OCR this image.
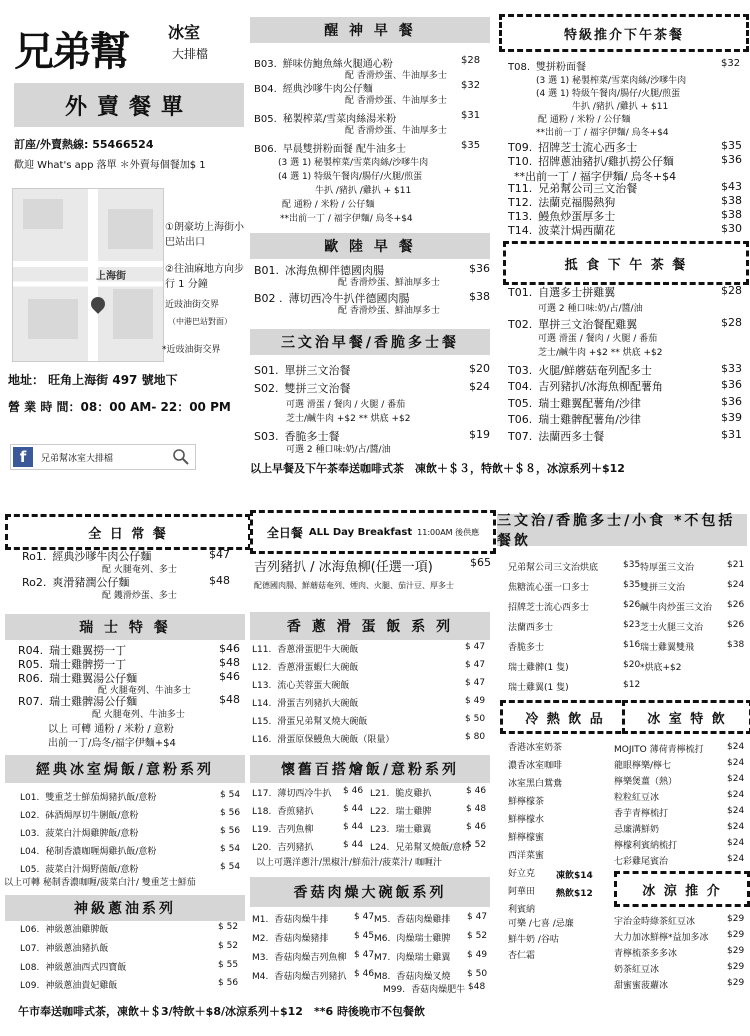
兄弟幫	冰室
大排檔
外賣餐單
訂座/外賣熱線: 55466524
歡迎 What's app 落單 ＊外賣每個餐加$ 1
上海街
①朗豪坊上海街小巴站出口
②往油麻地方向步行 1 分鐘
近豉油街交界
（中港巴站對面）
*近豉油街交界
地址： 旺角上海街 497 號地下
營 業 時 間：08：00 AM- 22：00 PM
f	兄弟幫冰室大排檔
醒 神 早 餐
B03. 鮮味仿鮑魚絲火腿通心粉	$28
配 香滑炒蛋、牛油厚多士
B04. 經典沙嗲牛肉公仔麵	$32
配 香滑炒蛋、牛油厚多士
B05. 秘製榨菜/雪菜肉絲湯米粉	$31
配 香滑炒蛋、牛油厚多士
B06. 早晨雙拼粉面餐 配牛油多士	$35
(3 選 1) 秘製榨菜/雪菜肉絲/沙嗲牛肉
(4 選 1) 特級午餐肉/腸仔/火腿/煎蛋
牛扒 /豬扒 /雞扒 + $11
配 通粉 / 米粉 / 公仔麵
**出前一丁 / 福字伊麵/ 烏冬+$4
歐 陸 早 餐
B01. 冰海魚柳伴德國肉腸	$36
配 香滑炒蛋、鮮油厚多士
B02 . 薄切西冷牛扒伴德國肉腸	$38
配 香滑炒蛋、鮮油厚多士
三文治早餐/香脆多士餐
S01. 單拼三文治餐	$20
S02. 雙拼三文治餐	$24
S03. 香脆多士餐	$19
可選 滑蛋 / 餐肉 / 火腿 / 番茄
芝士/鹹牛肉 +$2 ** 烘底 +$2
可選 2 種口味:奶/占/醬/油
特級推介下午茶餐
T08. 雙拼粉面餐	$32
(3 選 1) 秘製榨菜/雪菜肉絲/沙嗲牛肉
(4 選 1) 特級午餐肉/腸仔/火腿/煎蛋
牛扒 /豬扒 /雞扒 + $11
配 通粉 / 米粉 / 公仔麵
**出前一丁 / 福字伊麵/ 烏冬+$4
T09. 招牌芝士流心西多士	$35
T10. 招牌蔥油豬扒/雞扒撈公仔麵	$36
**出前一丁 / 福字伊麵/ 烏冬+$4
T11. 兄弟幫公司三文治餐	$43
T12. 法蘭克福腸熱狗	$38
T13. 鰻魚炒蛋厚多士	$38
T14. 波菜汁焗西蘭花	$30
抵 食 下 午 茶 餐
T01. 自選多士拼雞翼	$28
T02. 單拼三文治餐配雞翼	$28
T03. 火腿/鮮蘑菇奄列配多士	$33
T04. 吉列豬扒/冰海魚柳配薯角	$36
T05. 瑞士雞翼配薯角/沙律	$36
T06. 瑞士雞髀配薯角/沙律	$39
T07. 法蘭西多士餐	$31
可選 2 種口味:奶/占/醬/油
可選 滑蛋 / 餐肉 / 火腿 / 番茄
芝士/鹹牛肉 +$2 ** 烘底 +$2
以上早餐及下午茶奉送咖啡式茶　凍飲＋＄３，特飲＋＄８，冰涼系列＋$12
全 日 常 餐
Ro1. 經典沙嗲牛肉公仔麵	$47
配 火腿奄列、多士
Ro2. 爽滑豬潤公仔麵	$48
配 鑊滑炒蛋、多士
全日餐 ALL Day Breakfast 11:00AM 後供應
吉列豬扒 / 冰海魚柳(任選一項)	$65
配德國肉腸、鮮蘑菇奄列、煙肉、火腿、茄汁豆、厚多士
瑞 士 特 餐
R04. 瑞士雞翼撈一丁	$46
R05. 瑞士雞髀撈一丁	$48
R06. 瑞士雞翼湯公仔麵	$46
R07. 瑞士雞髀湯公仔麵	$48
配 火腿奄列、牛油多士
配 火腿奄列、牛油多士
以上 可轉 通粉 / 米粉 / 意粉
出前一丁/烏冬/福字伊麵+$4
香 蔥 滑 蛋 飯 系 列
L11. 香蔥滑蛋肥牛大碗飯	$ 47
L12. 香蔥滑蛋蝦仁大碗飯	$ 47
L13. 流心芙蓉蛋大碗飯	$ 47
L14. 滑蛋吉列豬扒大碗飯	$ 49
L15. 滑蛋兄弟幫叉燒大碗飯	$ 50
L16. 滑蛋原保鰻魚大碗飯（限量）	$ 80
經典冰室焗飯/意粉系列
L01. 雙重芝士鮮茄焗豬扒飯/意粉	$ 54
L02. 砵酒焗厚切牛脷飯/意粉	$ 56
L03. 菠菜白汁焗雞脾飯/意粉	$ 56
L04. 秘制香濃咖喱焗雞扒飯/意粉	$ 54
L05. 菠菜白汁焗野菌飯/意粉	$ 54
以上可轉 秘制香濃咖喱/菠菜白汁/ 雙重芝士鮮茄
懷舊百搭燴飯/意粉系列
L17. 薄切西冷牛扒 $ 46
L18. 香煎豬扒	$ 44
L19. 吉列魚柳	$ 44
L20. 吉列豬扒	$ 44
L21. 脆皮雞扒	$ 46
L22. 瑞士雞脾	$ 48
L23. 瑞士雞翼	$ 46
L24. 兄弟幫叉燒飯/意粉
$ 52
以上可選洋蔥汁/黑椒汁/鮮茄汁/菠菜汁/ 咖喱汁
神級蔥油系列
L06. 神級蔥油雞脾飯	$ 52
L07. 神級蔥油豬扒飯	$ 52
L08. 神級蔥油西式四寶飯	$ 55
L09. 神級蔥油貴妃雞飯	$ 56
香菇肉燥大碗飯系列
M1. 香菇肉燥牛排	$ 47
M2. 香菇肉燥豬排	$ 45
M3. 香菇肉燥吉列魚柳 $ 47
M4. 香菇肉燥吉列豬扒 $ 46
M5. 香菇肉燥雞排 $ 47
M6. 肉燥瑞士雞脾 $ 52
M7. 肉燥瑞士雞翼 $ 49
M8. 香菇肉燥叉燒 $ 50
M99. 香菇肉燥肥牛 $48
午市奉送咖啡式茶，凍飲＋＄3/特飲＋$8/冰涼系列＋$12　**6 時後晚市不包餐飲
三文治/香脆多士/小食 *不包括餐飲
兄弟幫公司三文治烘底	$35 特厚蛋三文治	$21
焦糖流心蛋一口多士	$35 雙拼三文治	$24
招牌芝士流心西多士	$26 鹹牛肉炒蛋三文治 $26
法蘭西多士	$23 芝士火腿三文治	$26
香脆多士	$16 瑞士雞翼雙飛	$38
瑞士雞髀(1 隻)	$20 *烘底+$2
瑞士雞翼(1 隻)	$12
冷 熱 飲 品
香港冰室奶茶
濃香冰室咖啡
冰室黑白鴛鴦
鮮檸檬茶
鮮檸檬水
鮮檸檬蜜
西洋菜蜜
好立克
阿華田
利賓納
凍飲$14
熱飲$12
可樂 /七喜 /忌廉
鮮牛奶 /谷咕
杏仁霜
冰 室 特 飲
MOJITO 薄荷青檸梳打	$24
龍眼檸樂/檸七	$24
檸樂煲薑（熱）	$24
粒粒紅豆冰	$24
香芋青檸梳打	$24
忌廉溝鮮奶	$24
檸檬利賓納梳打	$24
七彩雞尾賓治	$24
冰 涼 推 介
宇治金時綠茶紅豆冰	$29
大力加冰鮮檸*益加多冰 $29
青檸梳茶多多冰	$29
奶茶紅豆冰	$29
甜蜜蜜菠蘿冰	$29
